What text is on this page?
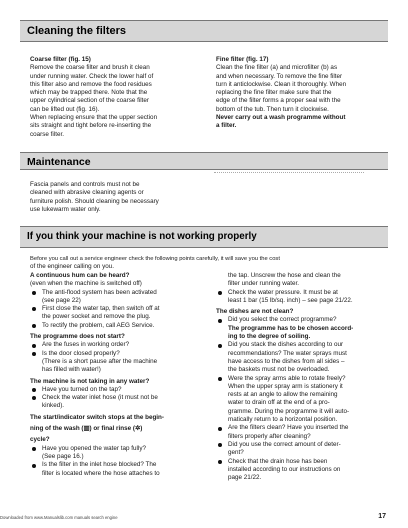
Cleaning the filters

Coarse filter (fig. 15)

Remove the coarse filter and brush it clean

under running water. Check the lower half of

this filter also and remove the food residues

which may be trapped there. Note that the

upper cylindrical section of the coarse filter

can be lifted out (fig. 16).

When replacing ensure that the upper section

sits straight and tight before re-inserting the

coarse filter.

Fine filter (fig. 17)

Clean the fine filter (a) and microfilter (b) as

and when necessary. To remove the fine filter

turn it anticlockwise. Clean it thoroughly. When

replacing the fine filter make sure that the

edge of the filter forms a proper seal with the

bottom of the tub. Then turn it clockwise.

Never carry out a wash programme without

a filter.

Maintenance

Fascia panels and controls must not be

cleaned with abrasive cleaning agents or

furniture polish. Should cleaning be necessary

use lukewarm water only.

If you think your machine is not working properly

Before you call out a service engineer check the following points carefully, it will save you the cost

of the engineer calling on you.

A continuous hum can be heard?

(even when the machine is switched off)

The anti-flood system has been activated

(see page 22)

First close the water tap, then switch off at

the power socket and remove the plug.

To rectify the problem, call AEG Service.

The programme does not start?

Are the fuses in working order?

Is the door closed properly?

(There is a short pause after the machine

has filled with water!)

The machine is not taking in any water?

Have you turned on the tap?

Check the water inlet hose (it must not be

kinked).

The start/indicator switch stops at the begin-

ning of the wash (▥) or final rinse (✲)

cycle?

Have you opened the water tap fully?

(See page 16.)

Is the filter in the inlet hose blocked? The

filter is located where the hose attaches to

the tap. Unscrew the hose and clean the

filter under running water.

Check the water pressure. It must be at

least 1 bar (15 lb/sq. inch) – see page 21/22.

The dishes are not clean?

Did you select the correct programme?

The programme has to be chosen accord-

ing to the degree of soiling.

Did you stack the dishes according to our

recommendations? The water sprays must

have access to the dishes from all sides –

the baskets must not be overloaded.

Were the spray arms able to rotate freely?

When the upper spray arm is stationery it

rests at an angle to allow the remaining

water to drain off at the end of a pro-

gramme. During the programme it will auto-

matically return to a horizontal position.

Are the filters clean? Have you inserted the

filters properly after cleaning?

Did you use the correct amount of deter-

gent?

Check that the drain hose has been

installed according to our instructions on

page 21/22.

17
Downloaded from www.Manualslib.com manuals search engine
